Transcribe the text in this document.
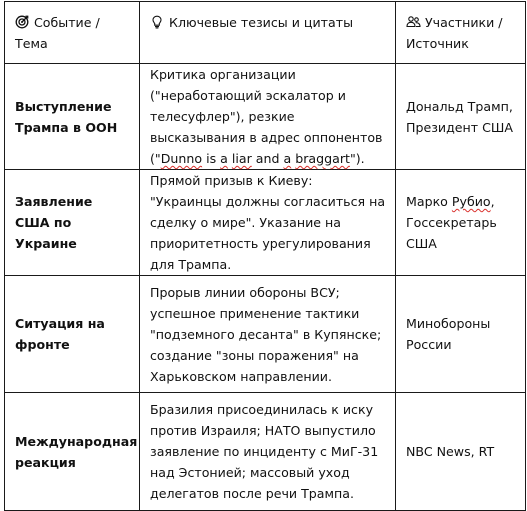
Событие / Тема	Ключевые тезисы и цитаты	Участники / Источник
Выступление Трампа в ООН	Критика организации ("неработающий эскалатор и телесуфлер"), резкие высказывания в адрес оппонентов ("Dunno is a liar and a braggart").	Дональд Трамп, Президент США
Заявление США по Украине	Прямой призыв к Киеву: "Украинцы должны согласиться на сделку о мире". Указание на приоритетность урегулирования для Трампа.	Марко Рубио, Госсекретарь США
Ситуация на фронте	Прорыв линии обороны ВСУ; успешное применение тактики "подземного десанта" в Купянске; создание "зоны поражения" на Харьковском направлении.	Минобороны России
Международная реакция	Бразилия присоединилась к иску против Израиля; НАТО выпустило заявление по инциденту с МиГ-31 над Эстонией; массовый уход делегатов после речи Трампа.	NBC News, RT
